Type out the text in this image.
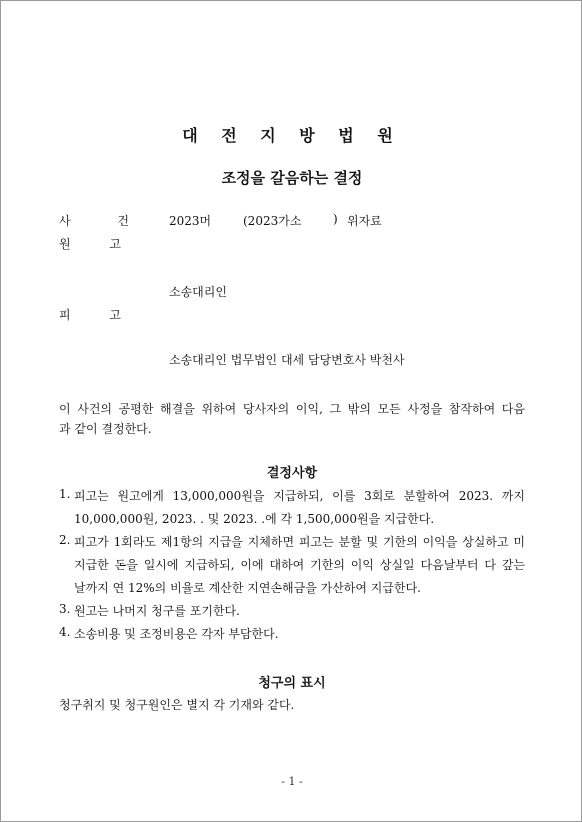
대 전 지 방 법 원
조정을 갈음하는 결정
사 건	2023머	(2023가소	) 위자료
원 고
소송대리인
피 고
소송대리인 법무법인 대세 담당변호사 박천사
이 사건의 공평한 해결을 위하여 당사자의 이익, 그 밖의 모든 사정을 참작하여 다음
과 같이 결정한다.
결정사항
1. 피고는 원고에게 13,000,000원을 지급하되, 이를 3회로 분할하여 2023. 까지
10,000,000원, 2023. . 및 2023. .에 각 1,500,000원을 지급한다.
2. 피고가 1회라도 제1항의 지급을 지체하면 피고는 분할 및 기한의 이익을 상실하고 미
지급한 돈을 일시에 지급하되, 이에 대하여 기한의 이익 상실일 다음날부터 다 갚는
날까지 연 12%의 비율로 계산한 지연손해금을 가산하여 지급한다.
3. 원고는 나머지 청구를 포기한다.
4. 소송비용 및 조정비용은 각자 부담한다.
청구의 표시
청구취지 및 청구원인은 별지 각 기재와 같다.
- 1 -
